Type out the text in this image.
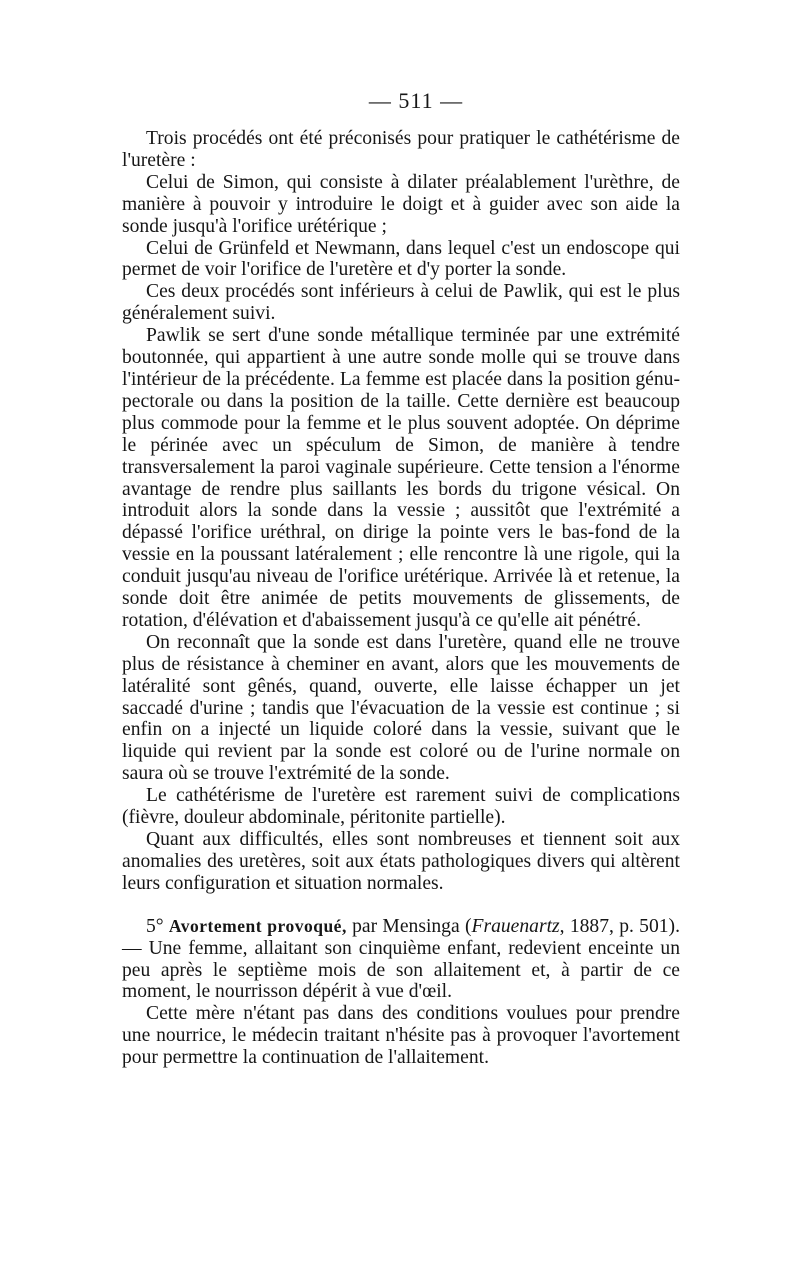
— 511 —

Trois procédés ont été préconisés pour pratiquer le cathétérisme de l'uretère :

Celui de Simon, qui consiste à dilater préalablement l'urèthre, de manière à pouvoir y introduire le doigt et à guider avec son aide la sonde jusqu'à l'orifice urétérique ;

Celui de Grünfeld et Newmann, dans lequel c'est un endoscope qui permet de voir l'orifice de l'uretère et d'y porter la sonde.

Ces deux procédés sont inférieurs à celui de Pawlik, qui est le plus généralement suivi.

Pawlik se sert d'une sonde métallique terminée par une extrémité boutonnée, qui appartient à une autre sonde molle qui se trouve dans l'intérieur de la précédente. La femme est placée dans la position génu-pectorale ou dans la position de la taille. Cette dernière est beaucoup plus commode pour la femme et le plus souvent adoptée. On déprime le périnée avec un spéculum de Simon, de manière à tendre transversalement la paroi vaginale supérieure. Cette tension a l'énorme avantage de rendre plus saillants les bords du trigone vésical. On introduit alors la sonde dans la vessie ; aussitôt que l'extrémité a dépassé l'orifice uréthral, on dirige la pointe vers le bas-fond de la vessie en la poussant latéralement ; elle rencontre là une rigole, qui la conduit jusqu'au niveau de l'orifice urétérique. Arrivée là et retenue, la sonde doit être animée de petits mouvements de glissements, de rotation, d'élévation et d'abaissement jusqu'à ce qu'elle ait pénétré.

On reconnaît que la sonde est dans l'uretère, quand elle ne trouve plus de résistance à cheminer en avant, alors que les mouvements de latéralité sont gênés, quand, ouverte, elle laisse échapper un jet saccadé d'urine ; tandis que l'évacuation de la vessie est continue ; si enfin on a injecté un liquide coloré dans la vessie, suivant que le liquide qui revient par la sonde est coloré ou de l'urine normale on saura où se trouve l'extrémité de la sonde.

Le cathétérisme de l'uretère est rarement suivi de complications (fièvre, douleur abdominale, péritonite partielle).

Quant aux difficultés, elles sont nombreuses et tiennent soit aux anomalies des uretères, soit aux états pathologiques divers qui altèrent leurs configuration et situation normales.

5° Avortement provoqué, par Mensinga (Frauenartz, 1887, p. 501). — Une femme, allaitant son cinquième enfant, redevient enceinte un peu après le septième mois de son allaitement et, à partir de ce moment, le nourrisson dépérit à vue d'œil.

Cette mère n'étant pas dans des conditions voulues pour prendre une nourrice, le médecin traitant n'hésite pas à provoquer l'avortement pour permettre la continuation de l'allaitement.
